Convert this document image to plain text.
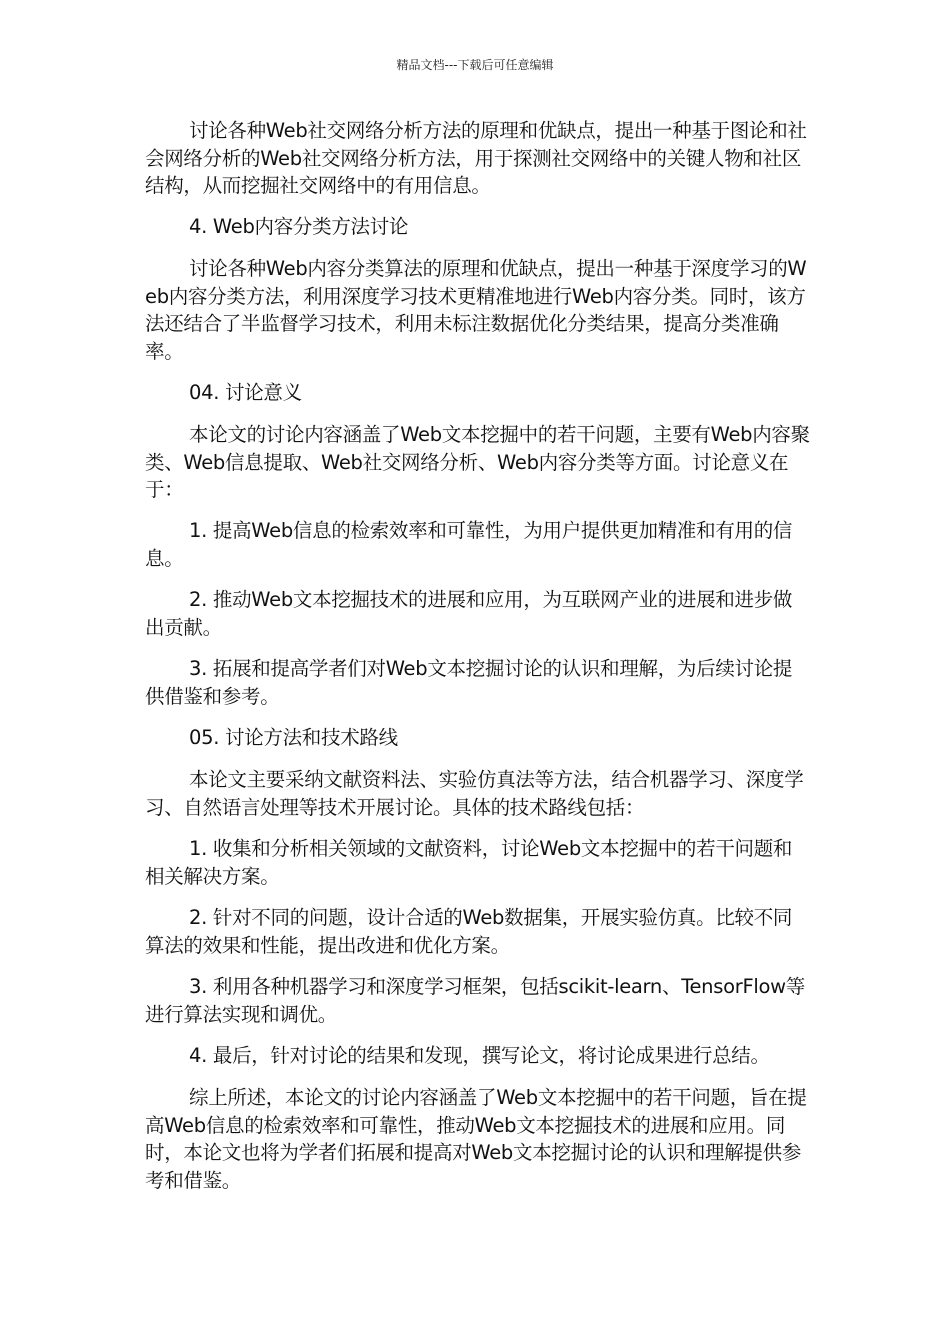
精品文档---下载后可任意编辑

讨论各种Web社交网络分析方法的原理和优缺点，提出一种基于图论和社会网络分析的Web社交网络分析方法，用于探测社交网络中的关键人物和社区结构，从而挖掘社交网络中的有用信息。

4. Web内容分类方法讨论

讨论各种Web内容分类算法的原理和优缺点，提出一种基于深度学习的Web内容分类方法，利用深度学习技术更精准地进行Web内容分类。同时，该方法还结合了半监督学习技术，利用未标注数据优化分类结果，提高分类准确率。

04. 讨论意义

本论文的讨论内容涵盖了Web文本挖掘中的若干问题，主要有Web内容聚类、Web信息提取、Web社交网络分析、Web内容分类等方面。讨论意义在于：

1. 提高Web信息的检索效率和可靠性，为用户提供更加精准和有用的信息。

2. 推动Web文本挖掘技术的进展和应用，为互联网产业的进展和进步做出贡献。

3. 拓展和提高学者们对Web文本挖掘讨论的认识和理解，为后续讨论提供借鉴和参考。

05. 讨论方法和技术路线

本论文主要采纳文献资料法、实验仿真法等方法，结合机器学习、深度学习、自然语言处理等技术开展讨论。具体的技术路线包括：

1. 收集和分析相关领域的文献资料，讨论Web文本挖掘中的若干问题和相关解决方案。

2. 针对不同的问题，设计合适的Web数据集，开展实验仿真。比较不同算法的效果和性能，提出改进和优化方案。

3. 利用各种机器学习和深度学习框架，包括scikit-learn、TensorFlow等进行算法实现和调优。

4. 最后，针对讨论的结果和发现，撰写论文，将讨论成果进行总结。

综上所述，本论文的讨论内容涵盖了Web文本挖掘中的若干问题，旨在提高Web信息的检索效率和可靠性，推动Web文本挖掘技术的进展和应用。同时，本论文也将为学者们拓展和提高对Web文本挖掘讨论的认识和理解提供参考和借鉴。
